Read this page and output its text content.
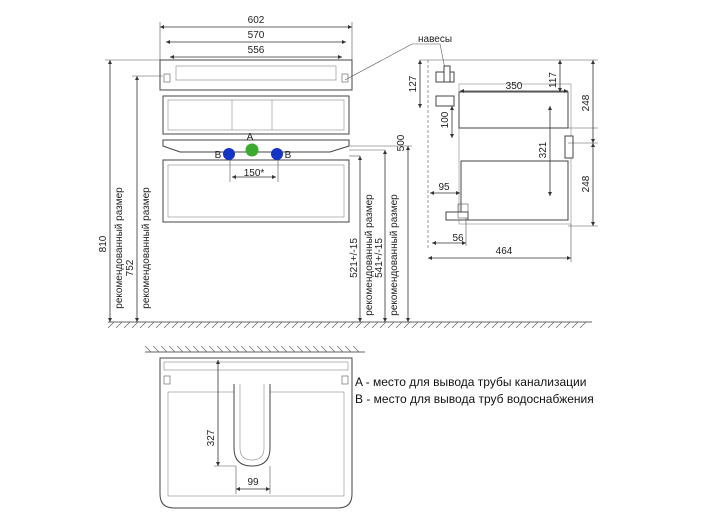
602
570
556
810 рекомендованный размер 752 рекомендованный размер
150*
A
B	B
500
521+/-15 рекомендованный размер 541+/-15 рекомендованный размер
навесы
127
100
350	117
248
248
321
95
56
464
327
99
A - место для вывода трубы канализации
B - место для вывода труб водоснабжения
